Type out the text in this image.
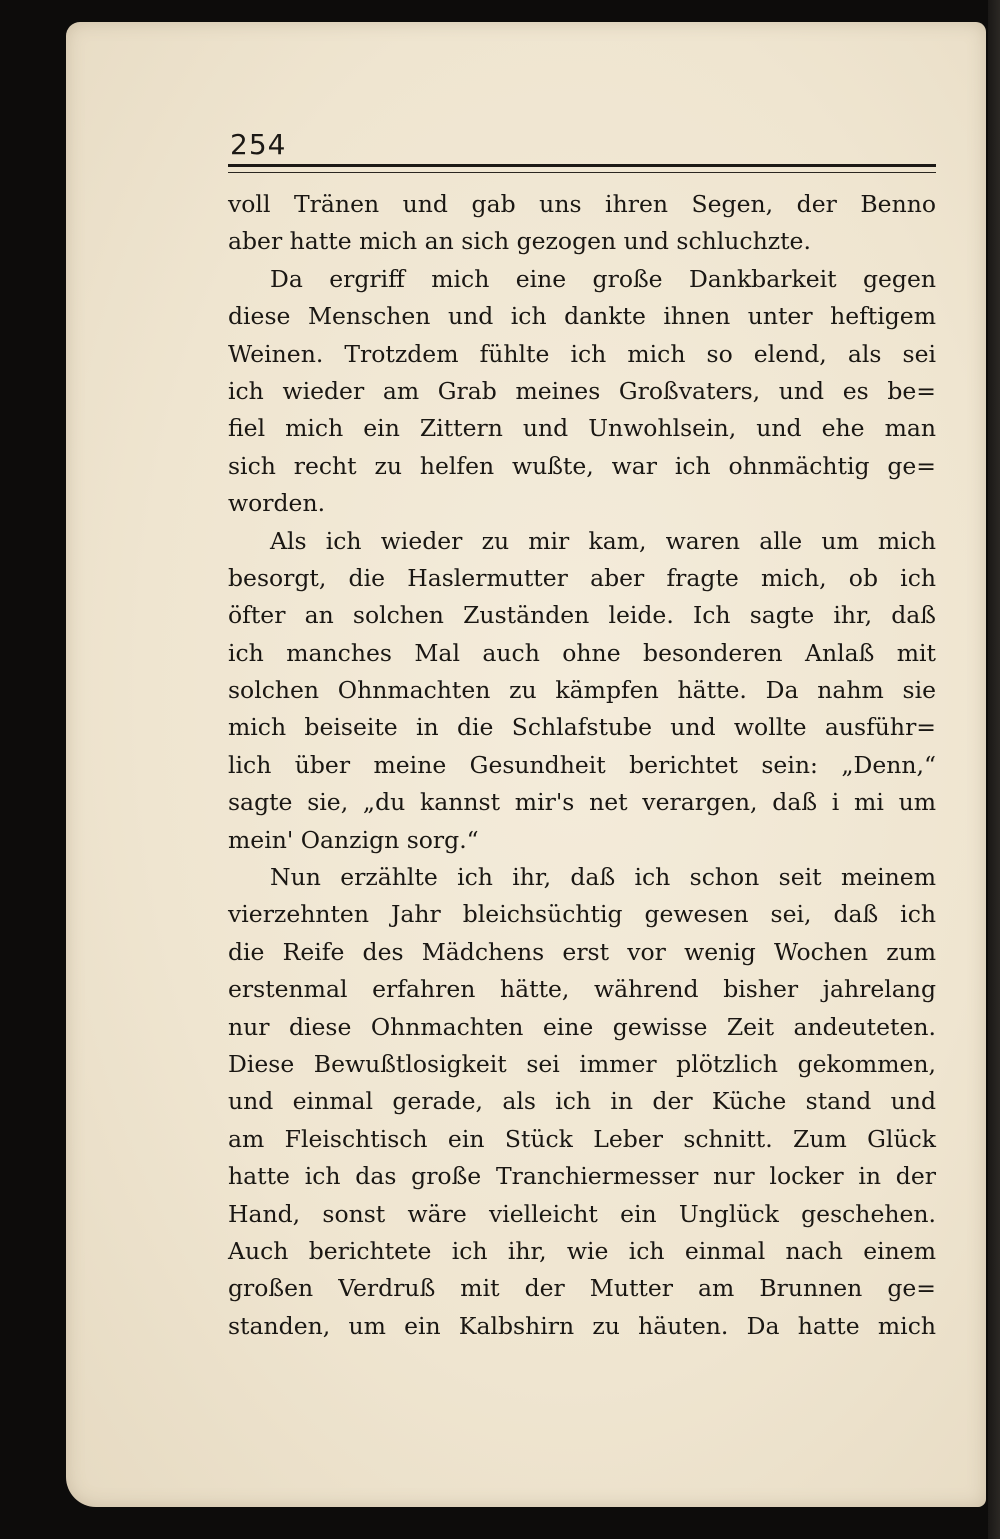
254
voll Tränen und gab uns ihren Segen, der Benno
aber hatte mich an sich gezogen und schluchzte.
Da ergriff mich eine große Dankbarkeit gegen
diese Menschen und ich dankte ihnen unter heftigem
Weinen. Trotzdem fühlte ich mich so elend, als sei
ich wieder am Grab meines Großvaters, und es be=
fiel mich ein Zittern und Unwohlsein, und ehe man
sich recht zu helfen wußte, war ich ohnmächtig ge=
worden.
Als ich wieder zu mir kam, waren alle um mich
besorgt, die Haslermutter aber fragte mich, ob ich
öfter an solchen Zuständen leide. Ich sagte ihr, daß
ich manches Mal auch ohne besonderen Anlaß mit
solchen Ohnmachten zu kämpfen hätte. Da nahm sie
mich beiseite in die Schlafstube und wollte ausführ=
lich über meine Gesundheit berichtet sein: „Denn,“
sagte sie, „du kannst mir's net verargen, daß i mi um
mein' Oanzign sorg.“
Nun erzählte ich ihr, daß ich schon seit meinem
vierzehnten Jahr bleichsüchtig gewesen sei, daß ich
die Reife des Mädchens erst vor wenig Wochen zum
erstenmal erfahren hätte, während bisher jahrelang
nur diese Ohnmachten eine gewisse Zeit andeuteten.
Diese Bewußtlosigkeit sei immer plötzlich gekommen,
und einmal gerade, als ich in der Küche stand und
am Fleischtisch ein Stück Leber schnitt. Zum Glück
hatte ich das große Tranchiermesser nur locker in der
Hand, sonst wäre vielleicht ein Unglück geschehen.
Auch berichtete ich ihr, wie ich einmal nach einem
großen Verdruß mit der Mutter am Brunnen ge=
standen, um ein Kalbshirn zu häuten. Da hatte mich
